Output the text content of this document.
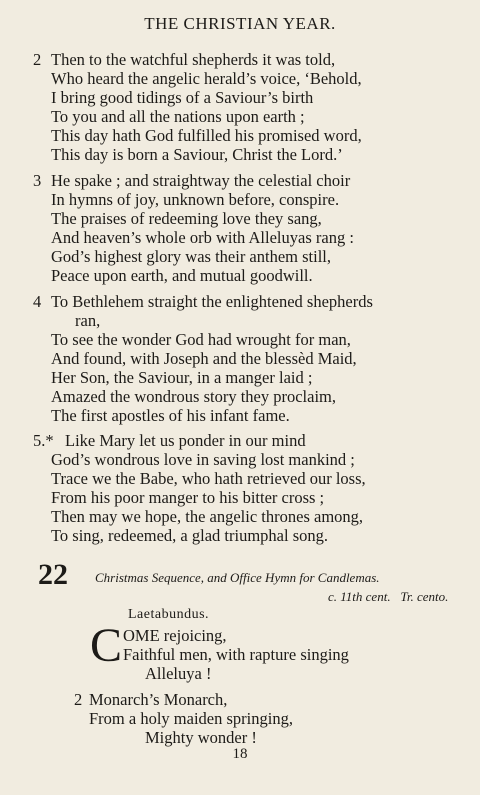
THE CHRISTIAN YEAR.
2 Then to the watchful shepherds it was told,
Who heard the angelic herald’s voice, ‘Behold,
I bring good tidings of a Saviour’s birth
To you and all the nations upon earth ;
This day hath God fulfilled his promised word,
This day is born a Saviour, Christ the Lord.’
3 He spake ; and straightway the celestial choir
In hymns of joy, unknown before, conspire.
The praises of redeeming love they sang,
And heaven’s whole orb with Alleluyas rang :
God’s highest glory was their anthem still,
Peace upon earth, and mutual goodwill.
4 To Bethlehem straight the enlightened shepherds
ran,
To see the wonder God had wrought for man,
And found, with Joseph and the blessèd Maid,
Her Son, the Saviour, in a manger laid ;
Amazed the wondrous story they proclaim,
The first apostles of his infant fame.
5.* Like Mary let us ponder in our mind
God’s wondrous love in saving lost mankind ;
Trace we the Babe, who hath retrieved our loss,
From his poor manger to his bitter cross ;
Then may we hope, the angelic thrones among,
To sing, redeemed, a glad triumphal song.
22 Christmas Sequence, and Office Hymn for Candlemas.
c. 11th cent. Tr. cento.
Laetabundus.
C OME rejoicing,
Faithful men, with rapture singing
Alleluya !
2 Monarch’s Monarch,
From a holy maiden springing,
Mighty wonder !
18
